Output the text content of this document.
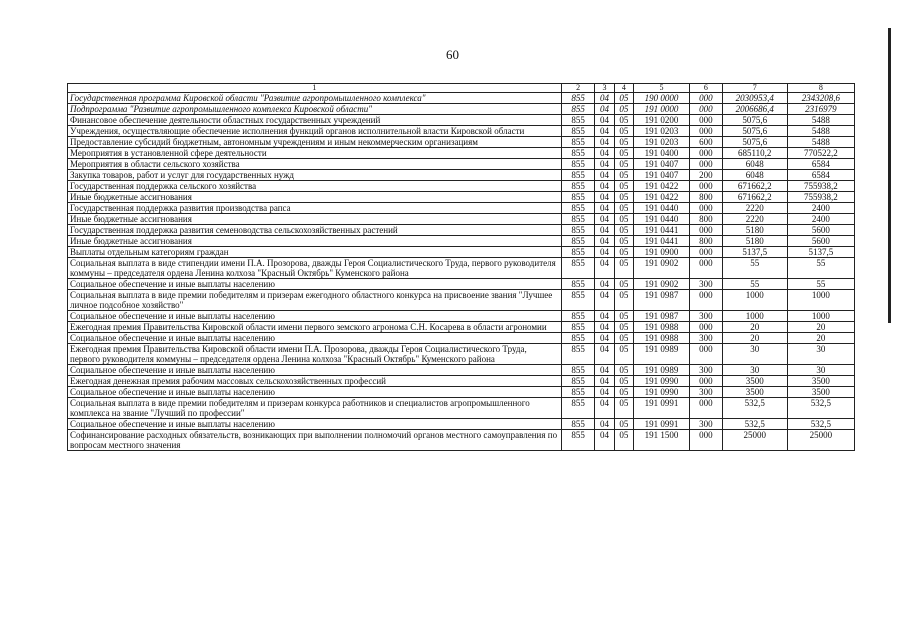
60
1	2	3	4	5	6	7	8
Государственная программа Кировской области "Развитие агропромышленного комплекса"	855	04	05	190 0000	000	2030953,4	2343208,6
Подпрограмма "Развитие агропромышленного комплекса Кировской области"	855	04	05	191 0000	000	2006686,4	2316979
Финансовое обеспечение деятельности областных государственных учреждений	855	04	05	191 0200	000	5075,6	5488
Учреждения, осуществляющие обеспечение исполнения функций органов исполнительной власти Кировской области	855	04	05	191 0203	000	5075,6	5488
Предоставление субсидий бюджетным, автономным учреждениям и иным некоммерческим организациям	855	04	05	191 0203	600	5075,6	5488
Мероприятия в установленной сфере деятельности	855	04	05	191 0400	000	685110,2	770522,2
Мероприятия в области сельского хозяйства	855	04	05	191 0407	000	6048	6584
Закупка товаров, работ и услуг для государственных нужд	855	04	05	191 0407	200	6048	6584
Государственная поддержка сельского хозяйства	855	04	05	191 0422	000	671662,2	755938,2
Иные бюджетные ассигнования	855	04	05	191 0422	800	671662,2	755938,2
Государственная поддержка развития производства рапса	855	04	05	191 0440	000	2220	2400
Иные бюджетные ассигнования	855	04	05	191 0440	800	2220	2400
Государственная поддержка развития семеноводства сельскохозяйственных растений	855	04	05	191 0441	000	5180	5600
Иные бюджетные ассигнования	855	04	05	191 0441	800	5180	5600
Выплаты отдельным категориям граждан	855	04	05	191 0900	000	5137,5	5137,5
Социальная выплата в виде стипендии имени П.А. Прозорова, дважды Героя Социалистического Труда, первого руководителя коммуны – председателя ордена Ленина колхоза "Красный Октябрь" Куменского района	855	04	05	191 0902	000	55	55
Социальное обеспечение и иные выплаты населению	855	04	05	191 0902	300	55	55
Социальная выплата в виде премии победителям и призерам ежегодного областного конкурса на присвоение звания "Лучшее личное подсобное хозяйство"	855	04	05	191 0987	000	1000	1000
Социальное обеспечение и иные выплаты населению	855	04	05	191 0987	300	1000	1000
Ежегодная премия Правительства Кировской области имени первого земского агронома С.Н. Косарева в области агрономии	855	04	05	191 0988	000	20	20
Социальное обеспечение и иные выплаты населению	855	04	05	191 0988	300	20	20
Ежегодная премия Правительства Кировской области имени П.А. Прозорова, дважды Героя Социалистического Труда, первого руководителя коммуны – председателя ордена Ленина колхоза "Красный Октябрь" Куменского района	855	04	05	191 0989	000	30	30
Социальное обеспечение и иные выплаты населению	855	04	05	191 0989	300	30	30
Ежегодная денежная премия рабочим массовых сельскохозяйственных профессий	855	04	05	191 0990	000	3500	3500
Социальное обеспечение и иные выплаты населению	855	04	05	191 0990	300	3500	3500
Социальная выплата в виде премии победителям и призерам конкурса работников и специалистов агропромышленного комплекса на звание "Лучший по профессии"	855	04	05	191 0991	000	532,5	532,5
Социальное обеспечение и иные выплаты населению	855	04	05	191 0991	300	532,5	532,5
Софинансирование расходных обязательств, возникающих при выполнении полномочий органов местного самоуправления по вопросам местного значения	855	04	05	191 1500	000	25000	25000
